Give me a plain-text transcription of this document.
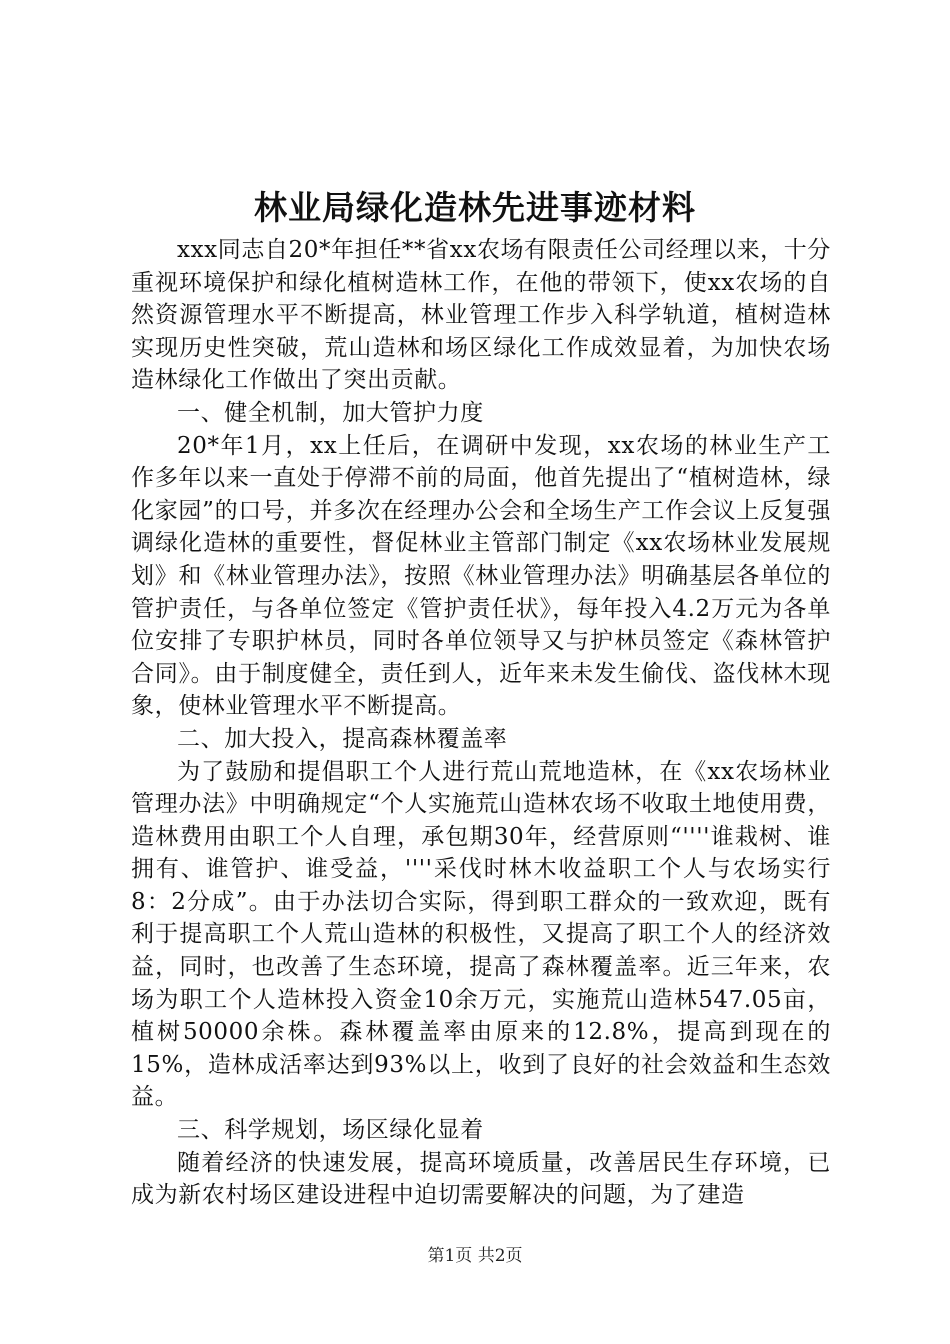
林业局绿化造林先进事迹材料

xxx同志自20*年担任**省xx农场有限责任公司经理以来，十分重视环境保护和绿化植树造林工作，在他的带领下，使xx农场的自然资源管理水平不断提高，林业管理工作步入科学轨道，植树造林实现历史性突破，荒山造林和场区绿化工作成效显着，为加快农场造林绿化工作做出了突出贡献。

一、健全机制，加大管护力度

20*年1月，xx上任后，在调研中发现，xx农场的林业生产工作多年以来一直处于停滞不前的局面，他首先提出了“植树造林，绿化家园”的口号，并多次在经理办公会和全场生产工作会议上反复强调绿化造林的重要性，督促林业主管部门制定《xx农场林业发展规划》和《林业管理办法》，按照《林业管理办法》明确基层各单位的管护责任，与各单位签定《管护责任状》，每年投入4.2万元为各单位安排了专职护林员，同时各单位领导又与护林员签定《森林管护合同》。由于制度健全，责任到人，近年来未发生偷伐、盗伐林木现象，使林业管理水平不断提高。

二、加大投入，提高森林覆盖率

为了鼓励和提倡职工个人进行荒山荒地造林，在《xx农场林业管理办法》中明确规定“个人实施荒山造林农场不收取土地使用费，造林费用由职工个人自理，承包期30年，经营原则“''''谁栽树、谁拥有、谁管护、谁受益，''''采伐时林木收益职工个人与农场实行8：2分成”。由于办法切合实际，得到职工群众的一致欢迎，既有利于提高职工个人荒山造林的积极性，又提高了职工个人的经济效益，同时，也改善了生态环境，提高了森林覆盖率。近三年来，农场为职工个人造林投入资金10余万元，实施荒山造林547.05亩，植树50000余株。森林覆盖率由原来的12.8%，提高到现在的15%，造林成活率达到93%以上，收到了良好的社会效益和生态效益。

三、科学规划，场区绿化显着

随着经济的快速发展，提高环境质量，改善居民生存环境，已成为新农村场区建设进程中迫切需要解决的问题，为了建造

第1页 共2页
